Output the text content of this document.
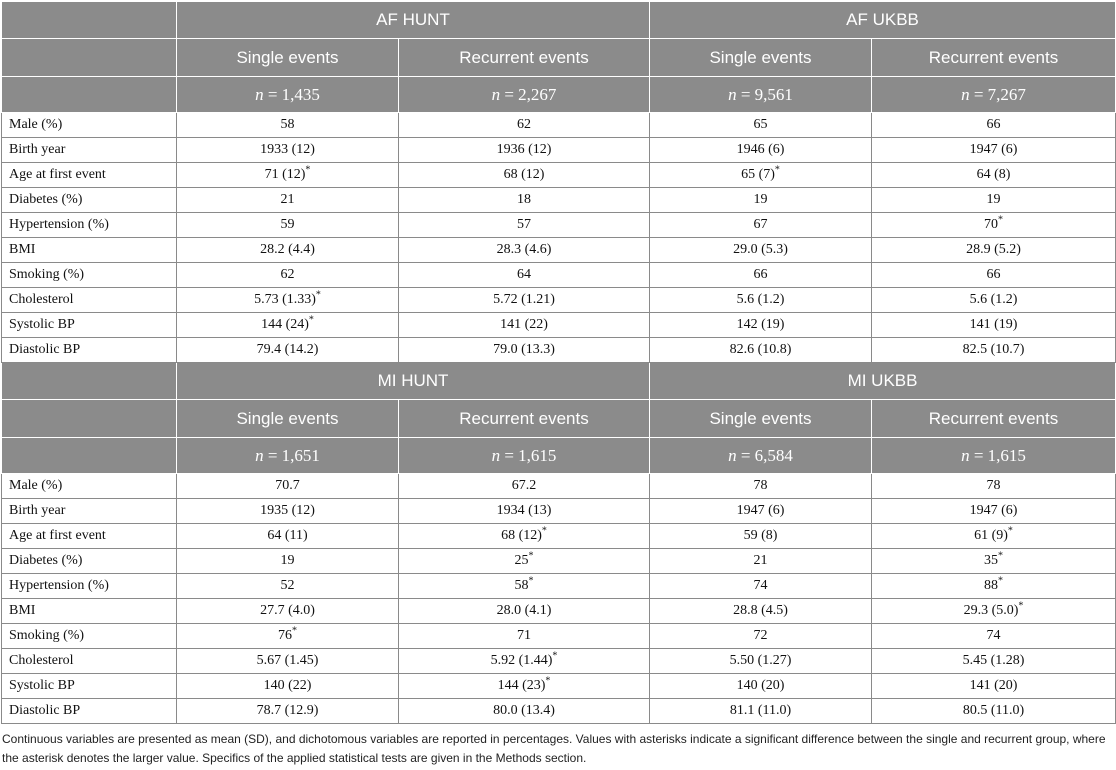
	AF HUNT		AF UKBB	
	Single events	Recurrent events	Single events	Recurrent events
	n = 1,435	n = 2,267	n = 9,561	n = 7,267
Male (%)	58	62	65	66
Birth year	1933 (12)	1936 (12)	1946 (6)	1947 (6)
Age at first event	71 (12)*	68 (12)	65 (7)*	64 (8)
Diabetes (%)	21	18	19	19
Hypertension (%)	59	57	67	70*
BMI	28.2 (4.4)	28.3 (4.6)	29.0 (5.3)	28.9 (5.2)
Smoking (%)	62	64	66	66
Cholesterol	5.73 (1.33)*	5.72 (1.21)	5.6 (1.2)	5.6 (1.2)
Systolic BP	144 (24)*	141 (22)	142 (19)	141 (19)
Diastolic BP	79.4 (14.2)	79.0 (13.3)	82.6 (10.8)	82.5 (10.7)
	MI HUNT		MI UKBB	
	Single events	Recurrent events	Single events	Recurrent events
	n = 1,651	n = 1,615	n = 6,584	n = 1,615
Male (%)	70.7	67.2	78	78
Birth year	1935 (12)	1934 (13)	1947 (6)	1947 (6)
Age at first event	64 (11)	68 (12)*	59 (8)	61 (9)*
Diabetes (%)	19	25*	21	35*
Hypertension (%)	52	58*	74	88*
BMI	27.7 (4.0)	28.0 (4.1)	28.8 (4.5)	29.3 (5.0)*
Smoking (%)	76*	71	72	74
Cholesterol	5.67 (1.45)	5.92 (1.44)*	5.50 (1.27)	5.45 (1.28)
Systolic BP	140 (22)	144 (23)*	140 (20)	141 (20)
Diastolic BP	78.7 (12.9)	80.0 (13.4)	81.1 (11.0)	80.5 (11.0)

Continuous variables are presented as mean (SD), and dichotomous variables are reported in percentages. Values with asterisks indicate a significant difference between the single and recurrent group, where the asterisk denotes the larger value. Specifics of the applied statistical tests are given in the Methods section.
